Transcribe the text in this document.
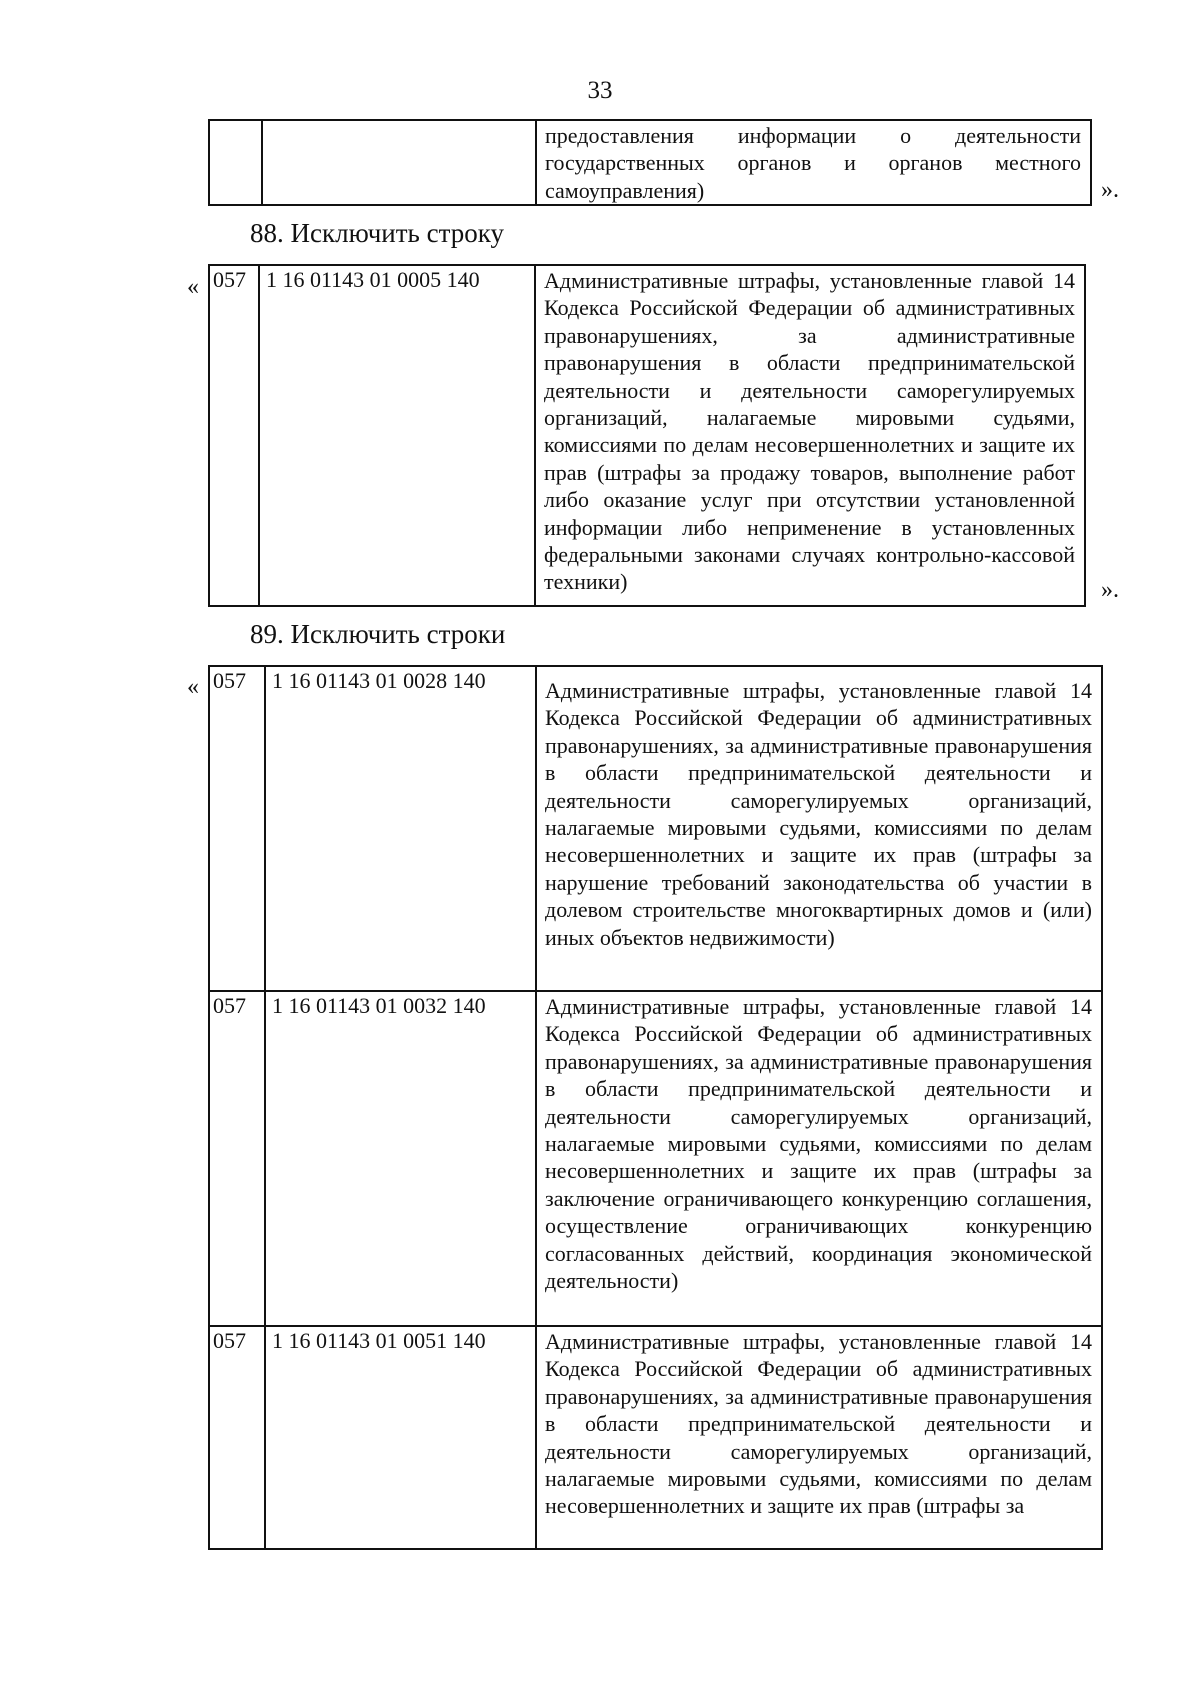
33

предоставления информации о деятельности государственных органов и органов местного самоуправления)	».
88. Исключить строку
« 057	1 16 01143 01 0005 140	Административные штрафы, установленные главой 14 Кодекса Российской Федерации об административных правонарушениях, за административные правонарушения в области предпринимательской деятельности и деятельности саморегулируемых организаций, налагаемые мировыми судьями, комиссиями по делам несовершеннолетних и защите их прав (штрафы за продажу товаров, выполнение работ либо оказание услуг при отсутствии установленной информации либо неприменение в установленных федеральными законами случаях контрольно-кассовой техники)	».
89. Исключить строки
« 057	1 16 01143 01 0028 140	Административные штрафы, установленные главой 14 Кодекса Российской Федерации об административных правонарушениях, за административные правонарушения в области предпринимательской деятельности и деятельности саморегулируемых организаций, налагаемые мировыми судьями, комиссиями по делам несовершеннолетних и защите их прав (штрафы за нарушение требований законодательства об участии в долевом строительстве многоквартирных домов и (или) иных объектов недвижимости)

057	1 16 01143 01 0032 140	Административные штрафы, установленные главой 14 Кодекса Российской Федерации об административных правонарушениях, за административные правонарушения в области предпринимательской деятельности и деятельности саморегулируемых организаций, налагаемые мировыми судьями, комиссиями по делам несовершеннолетних и защите их прав (штрафы за заключение ограничивающего конкуренцию соглашения, осуществление ограничивающих конкуренцию согласованных действий, координация экономической деятельности)

057	1 16 01143 01 0051 140	Административные штрафы, установленные главой 14 Кодекса Российской Федерации об административных правонарушениях, за административные правонарушения в области предпринимательской деятельности и деятельности саморегулируемых организаций, налагаемые мировыми судьями, комиссиями по делам несовершеннолетних и защите их прав (штрафы за
